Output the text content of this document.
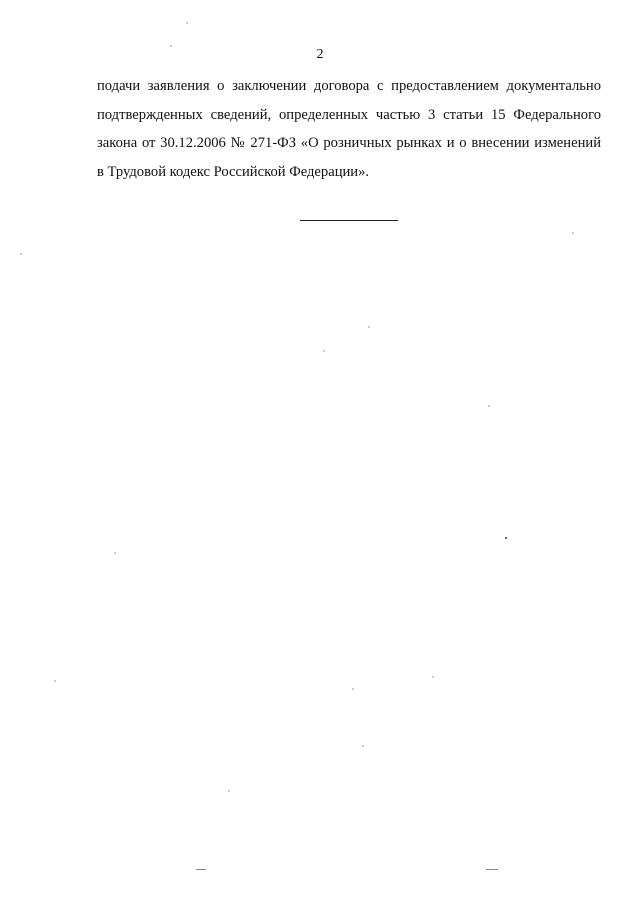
2
подачи заявления о заключении договора с предоставлением документально
подтвержденных сведений, определенных частью 3 статьи 15 Федерального
закона от 30.12.2006 № 271-ФЗ «О розничных рынках и о внесении изменений
в Трудовой кодекс Российской Федерации».
